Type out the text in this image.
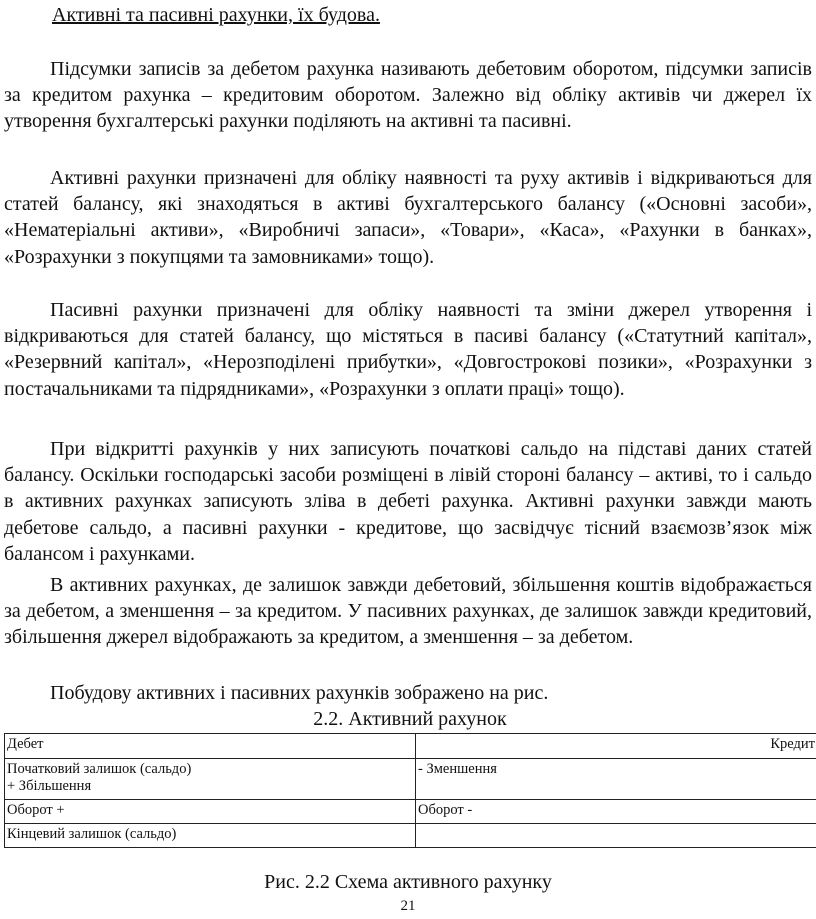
Активні та пасивні рахунки, їх будова.

Підсумки записів за дебетом рахунка називають дебетовим оборотом, підсумки записів за кредитом рахунка – кредитовим оборотом. Залежно від обліку активів чи джерел їх утворення бухгалтерські рахунки поділяють на активні та пасивні.

Активні рахунки призначені для обліку наявності та руху активів і відкриваються для статей балансу, які знаходяться в активі бухгалтерського балансу («Основні засоби», «Нематеріальні активи», «Виробничі запаси», «Товари», «Каса», «Рахунки в банках», «Розрахунки з покупцями та замовниками» тощо).

Пасивні рахунки призначені для обліку наявності та зміни джерел утворення і відкриваються для статей балансу, що містяться в пасиві балансу («Статутний капітал», «Резервний капітал», «Нерозподілені прибутки», «Довгострокові позики», «Розрахунки з постачальниками та підрядниками», «Розрахунки з оплати праці» тощо).

При відкритті рахунків у них записують початкові сальдо на підставі даних статей балансу. Оскільки господарські засоби розміщені в лівій стороні балансу – активі, то і сальдо в активних рахунках записують зліва в дебеті рахунка. Активні рахунки завжди мають дебетове сальдо, а пасивні рахунки - кредитове, що засвідчує тісний взаємозв’язок між балансом і рахунками.

В активних рахунках, де залишок завжди дебетовий, збільшення коштів відображається за дебетом, а зменшення – за кредитом. У пасивних рахунках, де залишок завжди кредитовий, збільшення джерел відображають за кредитом, а зменшення – за дебетом.

Побудову активних і пасивних рахунків зображено на рис.

2.2. Активний рахунок
Дебет	Кредит

Початковий залишок (сальдо)
+ Збільшення	- Зменшення
Оборот +	Оборот -
Кінцевий залишок (сальдо)	
Рис. 2.2 Схема активного рахунку
21
